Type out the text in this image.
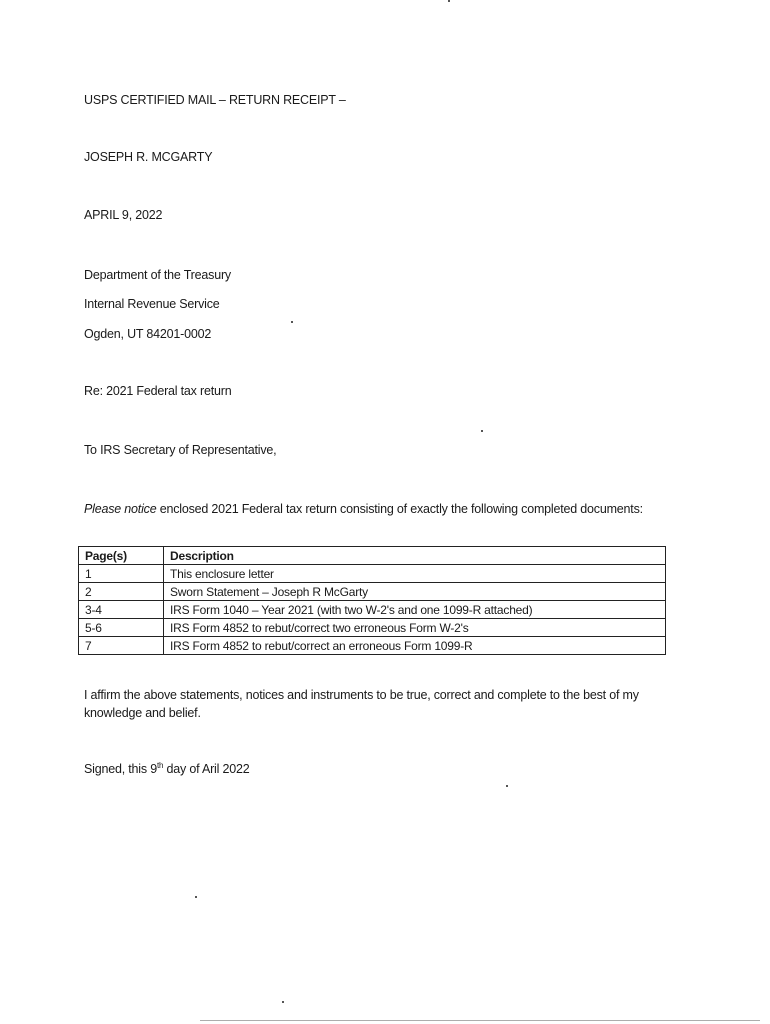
USPS CERTIFIED MAIL – RETURN RECEIPT –
JOSEPH R. MCGARTY
APRIL 9, 2022
Department of the Treasury
Internal Revenue Service
Ogden, UT 84201-0002
Re: 2021 Federal tax return
To IRS Secretary of Representative,
Please notice enclosed 2021 Federal tax return consisting of exactly the following completed documents:
Page(s)	Description
1	This enclosure letter
2	Sworn Statement – Joseph R McGarty
3-4	IRS Form 1040 – Year 2021 (with two W-2's and one 1099-R attached)
5-6	IRS Form 4852 to rebut/correct two erroneous Form W-2's
7	IRS Form 4852 to rebut/correct an erroneous Form 1099-R
I affirm the above statements, notices and instruments to be true, correct and complete to the best of my knowledge and belief.
Signed, this 9th day of Aril 2022
